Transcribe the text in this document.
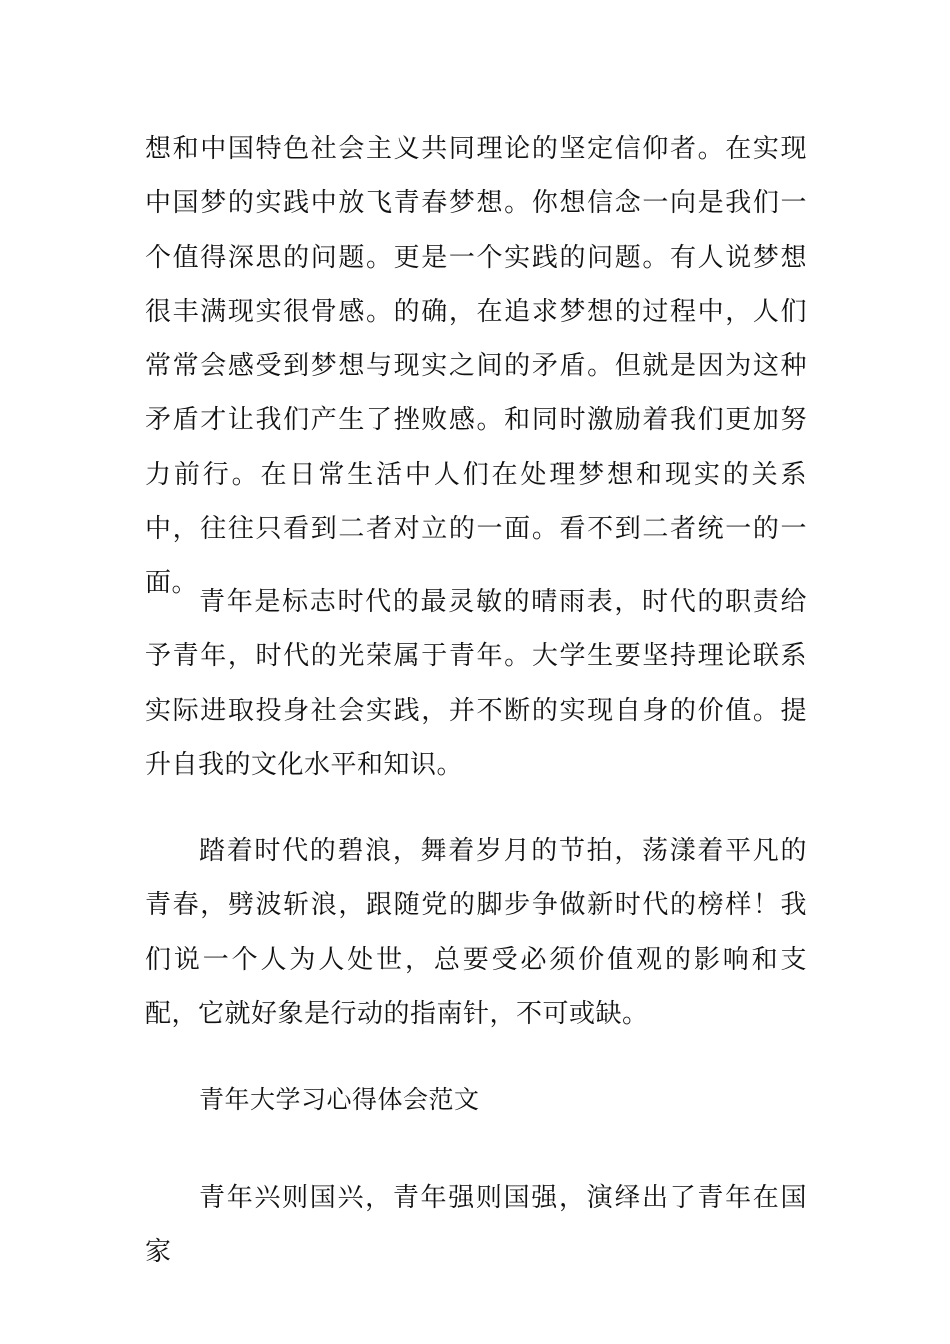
想和中国特色社会主义共同理论的坚定信仰者。在实现中国梦的实践中放飞青春梦想。你想信念一向是我们一个值得深思的问题。更是一个实践的问题。有人说梦想很丰满现实很骨感。的确，在追求梦想的过程中，人们常常会感受到梦想与现实之间的矛盾。但就是因为这种矛盾才让我们产生了挫败感。和同时激励着我们更加努力前行。在日常生活中人们在处理梦想和现实的关系中，往往只看到二者对立的一面。看不到二者统一的一面。

青年是标志时代的最灵敏的晴雨表，时代的职责给予青年，时代的光荣属于青年。大学生要坚持理论联系实际进取投身社会实践，并不断的实现自身的价值。提升自我的文化水平和知识。

踏着时代的碧浪，舞着岁月的节拍，荡漾着平凡的青春，劈波斩浪，跟随党的脚步争做新时代的榜样！我们说一个人为人处世，总要受必须价值观的影响和支配，它就好象是行动的指南针，不可或缺。

青年大学习心得体会范文

青年兴则国兴，青年强则国强，演绎出了青年在国家
